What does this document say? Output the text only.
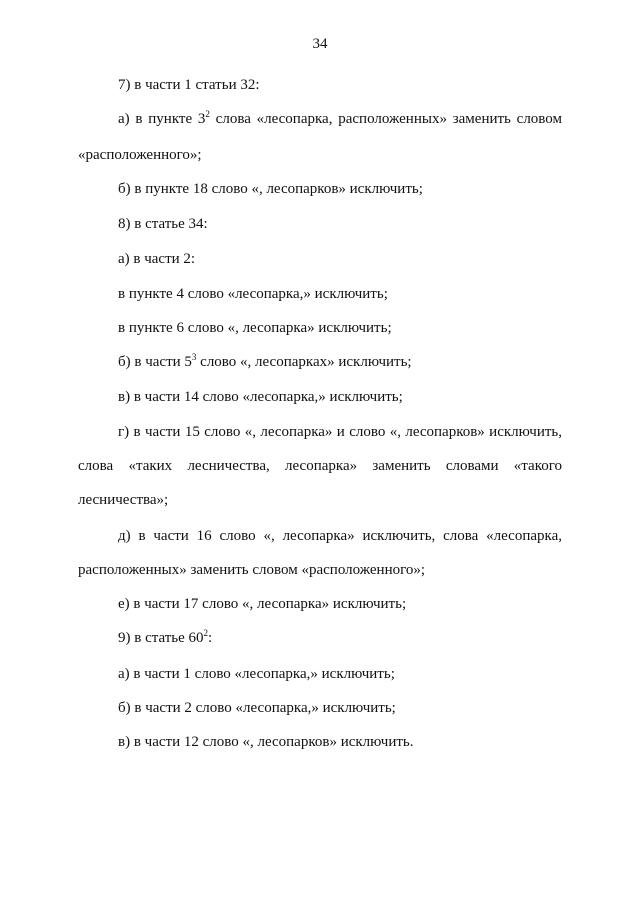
34
7) в части 1 статьи 32:
а) в пункте $3^2$ слова «лесопарка, расположенных» заменить словом
«расположенного»;
б) в пункте 18 слово «, лесопарков» исключить;
8) в статье 34:
а) в части 2:
в пункте 4 слово «лесопарка,» исключить;
в пункте 6 слово «, лесопарка» исключить;
б) в части $5^3$ слово «, лесопарках» исключить;
в) в части 14 слово «лесопарка,» исключить;
г) в части 15 слово «, лесопарка» и слово «, лесопарков» исключить,
слова «таких лесничества, лесопарка» заменить словами «такого
лесничества»;
д) в части 16 слово «, лесопарка» исключить, слова «лесопарка,
расположенных» заменить словом «расположенного»;
е) в части 17 слово «, лесопарка» исключить;
9) в статье $60^2$:
а) в части 1 слово «лесопарка,» исключить;
б) в части 2 слово «лесопарка,» исключить;
в) в части 12 слово «, лесопарков» исключить.
